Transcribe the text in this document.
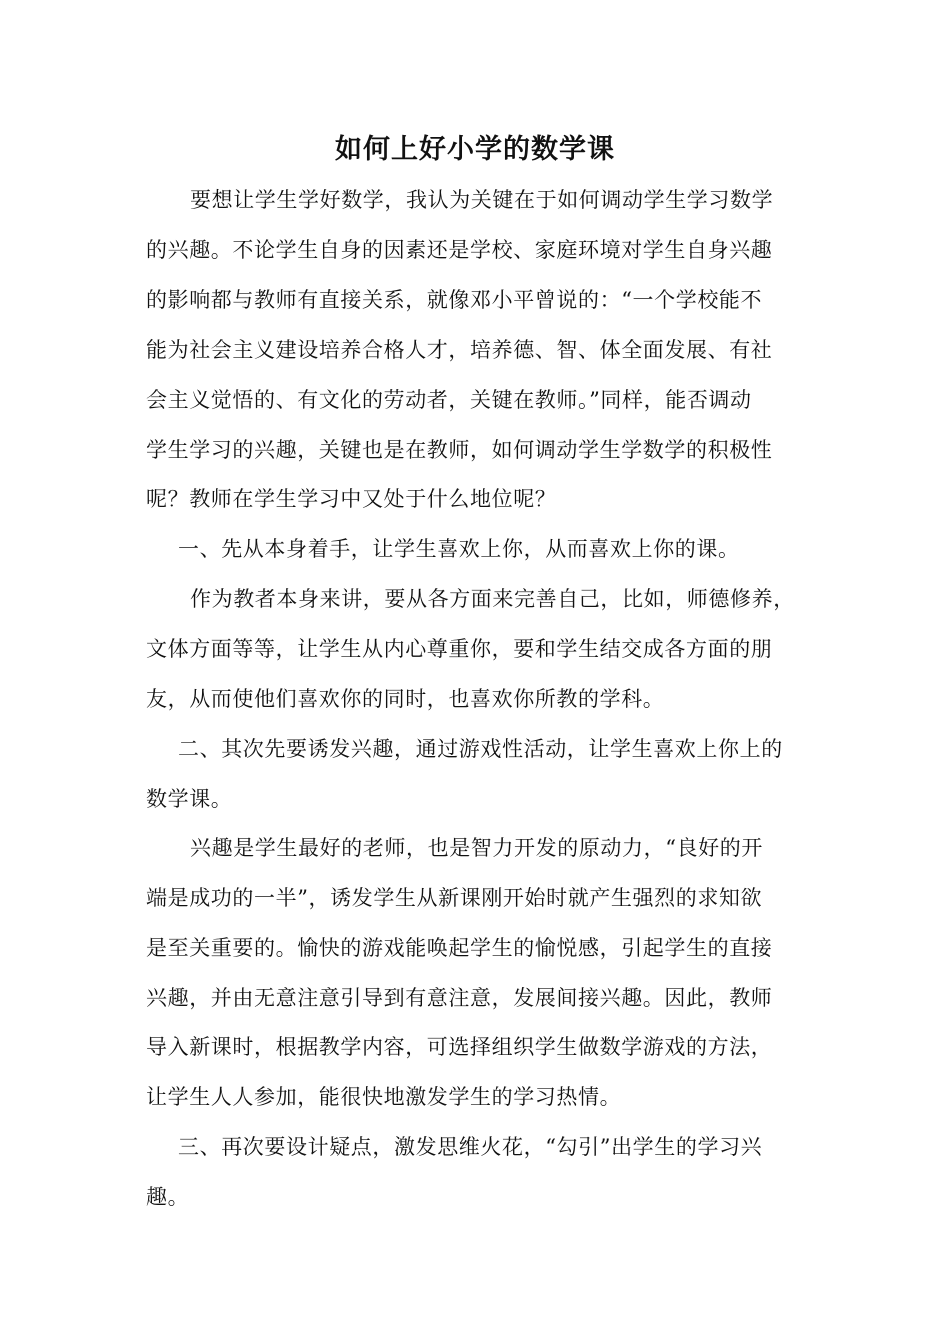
如何上好小学的数学课
要想让学生学好数学，我认为关键在于如何调动学生学习数学
的兴趣。不论学生自身的因素还是学校、家庭环境对学生自身兴趣
的影响都与教师有直接关系，就像邓小平曾说的：“一个学校能不
能为社会主义建设培养合格人才，培养德、智、体全面发展、有社
会主义觉悟的、有文化的劳动者，关键在教师。”同样，能否调动
学生学习的兴趣，关键也是在教师，如何调动学生学数学的积极性
呢？教师在学生学习中又处于什么地位呢？
一、先从本身着手，让学生喜欢上你，从而喜欢上你的课。
作为教者本身来讲，要从各方面来完善自己，比如，师德修养，
文体方面等等，让学生从内心尊重你，要和学生结交成各方面的朋
友，从而使他们喜欢你的同时，也喜欢你所教的学科。
二、其次先要诱发兴趣，通过游戏性活动，让学生喜欢上你上的
数学课。
兴趣是学生最好的老师，也是智力开发的原动力，“良好的开
端是成功的一半”，诱发学生从新课刚开始时就产生强烈的求知欲
是至关重要的。愉快的游戏能唤起学生的愉悦感，引起学生的直接
兴趣，并由无意注意引导到有意注意，发展间接兴趣。因此，教师
导入新课时，根据教学内容，可选择组织学生做数学游戏的方法，
让学生人人参加，能很快地激发学生的学习热情。
三、再次要设计疑点，激发思维火花，“勾引”出学生的学习兴
趣。
